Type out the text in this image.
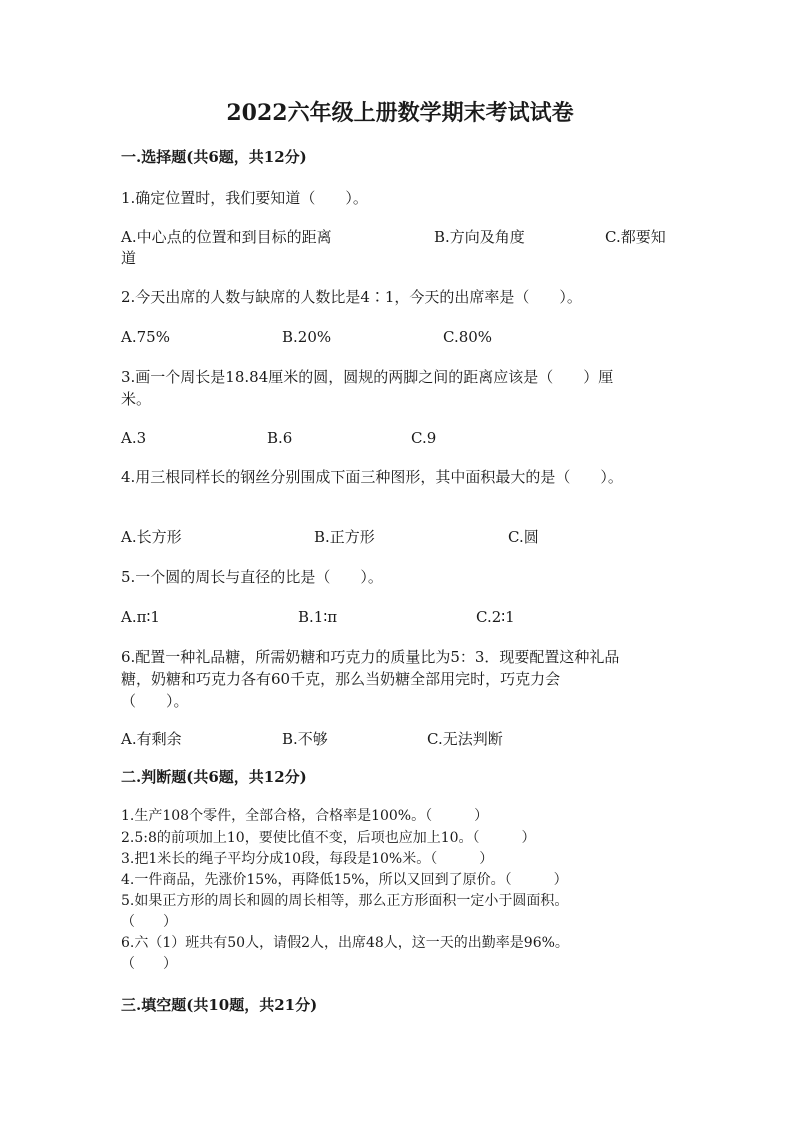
2022六年级上册数学期末考试试卷
一.选择题(共6题，共12分)
1.确定位置时，我们要知道（　　）。
A.中心点的位置和到目标的距离	B.方向及角度	C.都要知
道
2.今天出席的人数与缺席的人数比是4∶1，今天的出席率是（　　）。
A.75%	B.20%	C.80%
3.画一个周长是18.84厘米的圆，圆规的两脚之间的距离应该是（　　）厘
米。
A.3	B.6	C.9
4.用三根同样长的钢丝分别围成下面三种图形，其中面积最大的是（　　）。
A.长方形	B.正方形	C.圆
5.一个圆的周长与直径的比是（　　）。
A.π∶1	B.1∶π	C.2∶1
6.配置一种礼品糖，所需奶糖和巧克力的质量比为5：3．现要配置这种礼品
糖，奶糖和巧克力各有60千克，那么当奶糖全部用完时，巧克力会
（　　）。
A.有剩余	B.不够	C.无法判断
二.判断题(共6题，共12分)
1.生产108个零件，全部合格，合格率是100%。（　　　）
2.5:8的前项加上10，要使比值不变，后项也应加上10。（　　　）
3.把1米长的绳子平均分成10段，每段是10%米。（　　　）
4.一件商品，先涨价15%，再降低15%，所以又回到了原价。（　　　）
5.如果正方形的周长和圆的周长相等，那么正方形面积一定小于圆面积。
（　　）
6.六（1）班共有50人，请假2人，出席48人，这一天的出勤率是96%。
（　　）
三.填空题(共10题，共21分)
